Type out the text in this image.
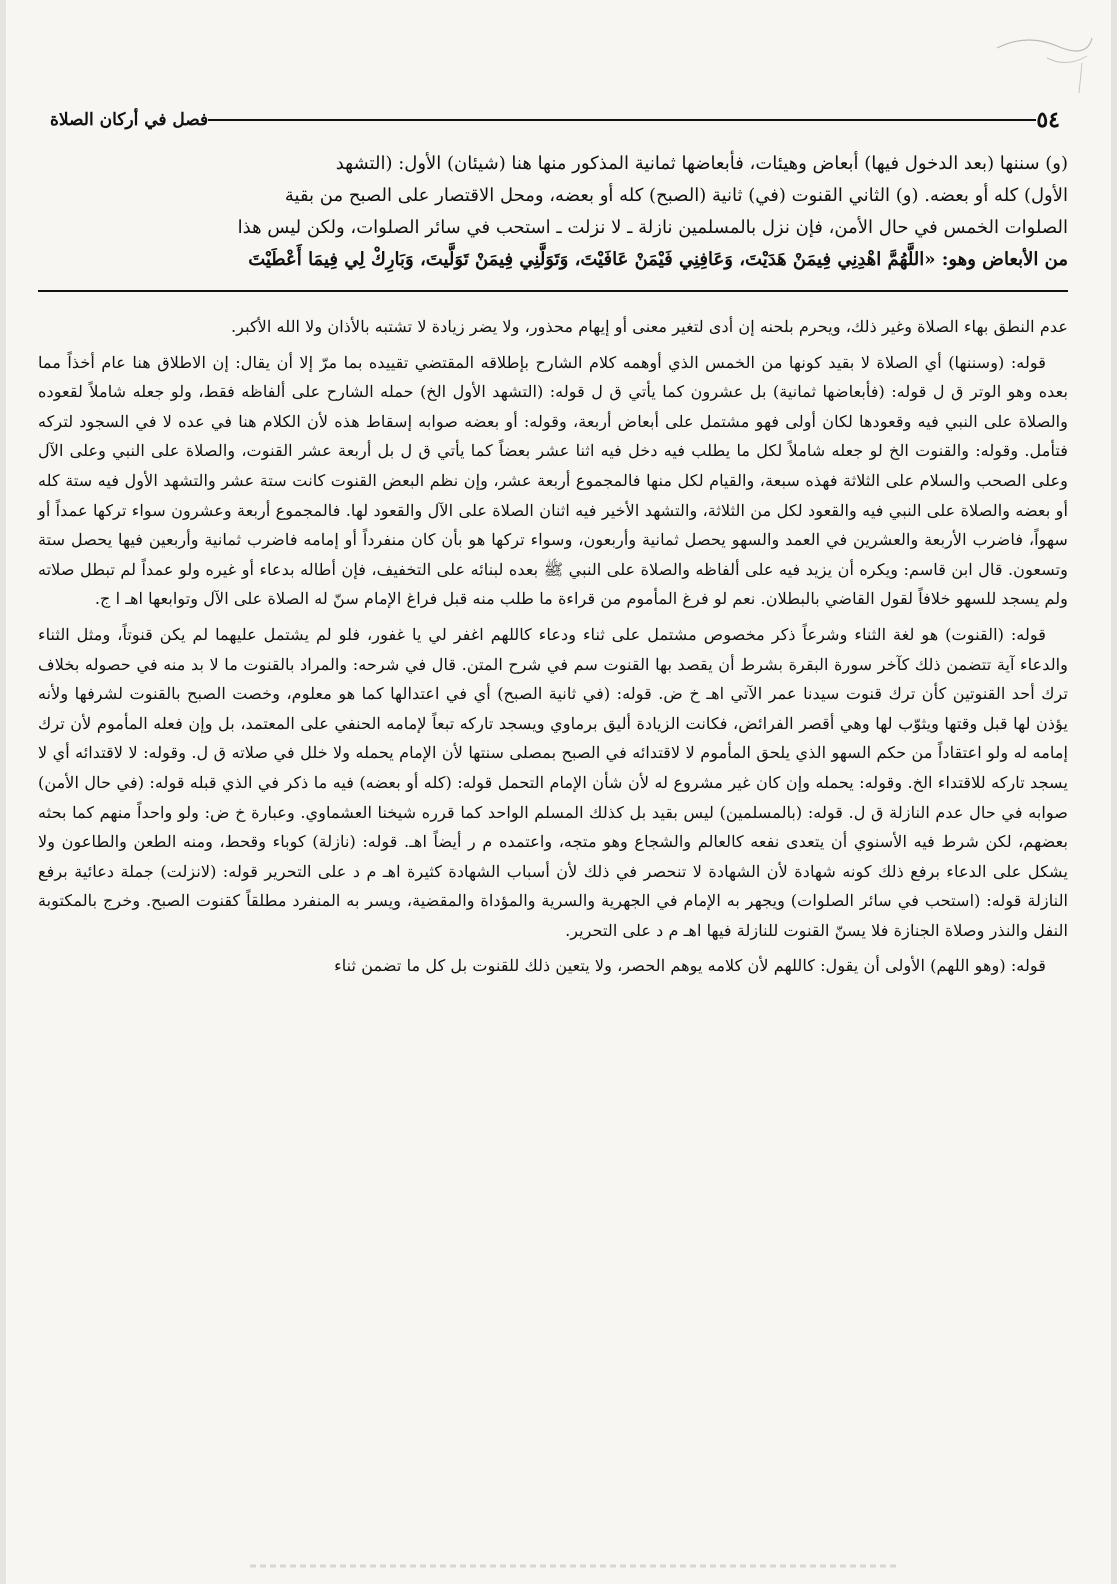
٥٤
فصل في أركان الصلاة
(و) سننها (بعد الدخول فيها) أبعاض وهيئات، فأبعاضها ثمانية المذكور منها هنا (شيئان) الأول: (التشهد
الأول) كله أو بعضه. (و) الثاني القنوت (في) ثانية (الصبح) كله أو بعضه، ومحل الاقتصار على الصبح من بقية
الصلوات الخمس في حال الأمن، فإن نزل بالمسلمين نازلة ـ لا نزلت ـ استحب في سائر الصلوات، ولكن ليس هذا
من الأبعاض وهو: «اللَّهُمَّ اهْدِنِي فِيمَنْ هَدَيْتَ، وَعَافِنِي فَيْمَنْ عَافَيْتَ، وَتَوَلَّنِي فِيمَنْ تَوَلَّيتَ، وَبَارِكْ لِي فِيمَا أَعْطَيْتَ

عدم النطق بهاء الصلاة وغير ذلك، ويحرم بلحنه إن أدى لتغير معنى أو إيهام محذور، ولا يضر زيادة لا تشتبه بالأذان ولا الله الأكبر.

قوله: (وسننها) أي الصلاة لا بقيد كونها من الخمس الذي أوهمه كلام الشارح بإطلاقه المقتضي تقييده بما مرّ إلا أن يقال: إن الاطلاق هنا عام أخذاً مما بعده وهو الوتر ق ل قوله: (فأبعاضها ثمانية) بل عشرون كما يأتي ق ل قوله: (التشهد الأول الخ) حمله الشارح على ألفاظه فقط، ولو جعله شاملاً لقعوده والصلاة على النبي فيه وقعودها لكان أولى فهو مشتمل على أبعاض أربعة، وقوله: أو بعضه صوابه إسقاط هذه لأن الكلام هنا في عده لا في السجود لتركه فتأمل. وقوله: والقنوت الخ لو جعله شاملاً لكل ما يطلب فيه دخل فيه اثنا عشر بعضاً كما يأتي ق ل بل أربعة عشر القنوت، والصلاة على النبي وعلى الآل وعلى الصحب والسلام على الثلاثة فهذه سبعة، والقيام لكل منها فالمجموع أربعة عشر، وإن نظم البعض القنوت كانت ستة عشر والتشهد الأول فيه ستة كله أو بعضه والصلاة على النبي فيه والقعود لكل من الثلاثة، والتشهد الأخير فيه اثنان الصلاة على الآل والقعود لها. فالمجموع أربعة وعشرون سواء تركها عمداً أو سهواً، فاضرب الأربعة والعشرين في العمد والسهو يحصل ثمانية وأربعون، وسواء تركها هو بأن كان منفرداً أو إمامه فاضرب ثمانية وأربعين فيها يحصل ستة وتسعون. قال ابن قاسم: ويكره أن يزيد فيه على ألفاظه والصلاة على النبي ﷺ بعده لبنائه على التخفيف، فإن أطاله بدعاء أو غيره ولو عمداً لم تبطل صلاته ولم يسجد للسهو خلافاً لقول القاضي بالبطلان. نعم لو فرغ المأموم من قراءة ما طلب منه قبل فراغ الإمام سنّ له الصلاة على الآل وتوابعها اهـ ا ج.

قوله: (القنوت) هو لغة الثناء وشرعاً ذكر مخصوص مشتمل على ثناء ودعاء كاللهم اغفر لي يا غفور، فلو لم يشتمل عليهما لم يكن قنوتاً، ومثل الثناء والدعاء آية تتضمن ذلك كآخر سورة البقرة بشرط أن يقصد بها القنوت سم في شرح المتن. قال في شرحه: والمراد بالقنوت ما لا بد منه في حصوله بخلاف ترك أحد القنوتين كأن ترك قنوت سيدنا عمر الآتي اهـ خ ض. قوله: (في ثانية الصبح) أي في اعتدالها كما هو معلوم، وخصت الصبح بالقنوت لشرفها ولأنه يؤذن لها قبل وقتها ويثوّب لها وهي أقصر الفرائض، فكانت الزيادة أليق برماوي ويسجد تاركه تبعاً لإمامه الحنفي على المعتمد، بل وإن فعله المأموم لأن ترك إمامه له ولو اعتقاداً من حكم السهو الذي يلحق المأموم لا لاقتدائه في الصبح بمصلى سنتها لأن الإمام يحمله ولا خلل في صلاته ق ل. وقوله: لا لاقتدائه أي لا يسجد تاركه للاقتداء الخ. وقوله: يحمله وإن كان غير مشروع له لأن شأن الإمام التحمل قوله: (كله أو بعضه) فيه ما ذكر في الذي قبله قوله: (في حال الأمن) صوابه في حال عدم النازلة ق ل. قوله: (بالمسلمين) ليس بقيد بل كذلك المسلم الواحد كما قرره شيخنا العشماوي. وعبارة خ ض: ولو واحداً منهم كما بحثه بعضهم، لكن شرط فيه الأسنوي أن يتعدى نفعه كالعالم والشجاع وهو متجه، واعتمده م ر أيضاً اهـ. قوله: (نازلة) كوباء وقحط، ومنه الطعن والطاعون ولا يشكل على الدعاء برفع ذلك كونه شهادة لأن الشهادة لا تنحصر في ذلك لأن أسباب الشهادة كثيرة اهـ م د على التحرير قوله: (لانزلت) جملة دعائية برفع النازلة قوله: (استحب في سائر الصلوات) ويجهر به الإمام في الجهرية والسرية والمؤداة والمقضية، ويسر به المنفرد مطلقاً كقنوت الصبح. وخرج بالمكتوبة النفل والنذر وصلاة الجنازة فلا يسنّ القنوت للنازلة فيها اهـ م د على التحرير.

قوله: (وهو اللهم) الأولى أن يقول: كاللهم لأن كلامه يوهم الحصر، ولا يتعين ذلك للقنوت بل كل ما تضمن ثناء
